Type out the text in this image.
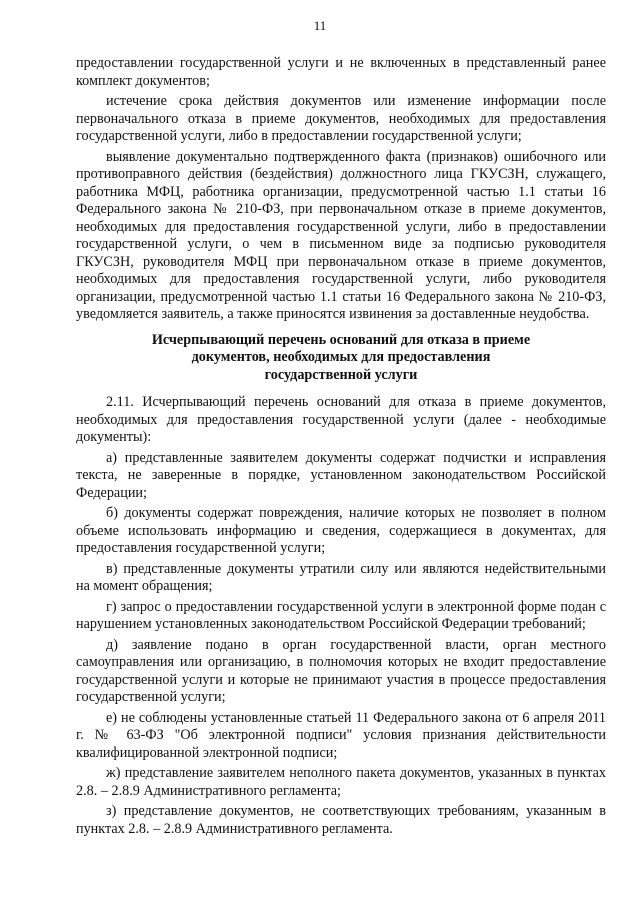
11

предоставлении государственной услуги и не включенных в представленный ранее комплект документов;

истечение срока действия документов или изменение информации после первоначального отказа в приеме документов, необходимых для предоставления государственной услуги, либо в предоставлении государственной услуги;

выявление документально подтвержденного факта (признаков) ошибочного или противоправного действия (бездействия) должностного лица ГКУСЗН, служащего, работника МФЦ, работника организации, предусмотренной частью 1.1 статьи 16 Федерального закона № 210-ФЗ, при первоначальном отказе в приеме документов, необходимых для предоставления государственной услуги, либо в предоставлении государственной услуги, о чем в письменном виде за подписью руководителя ГКУСЗН, руководителя МФЦ при первоначальном отказе в приеме документов, необходимых для предоставления государственной услуги, либо руководителя организации, предусмотренной частью 1.1 статьи 16 Федерального закона № 210-ФЗ, уведомляется заявитель, а также приносятся извинения за доставленные неудобства.

Исчерпывающий перечень оснований для отказа в приеме
документов, необходимых для предоставления
государственной услуги

2.11. Исчерпывающий перечень оснований для отказа в приеме документов, необходимых для предоставления государственной услуги (далее - необходимые документы):

а) представленные заявителем документы содержат подчистки и исправления текста, не заверенные в порядке, установленном законодательством Российской Федерации;

б) документы содержат повреждения, наличие которых не позволяет в полном объеме использовать информацию и сведения, содержащиеся в документах, для предоставления государственной услуги;

в) представленные документы утратили силу или являются недействительными на момент обращения;

г) запрос о предоставлении государственной услуги в электронной форме подан с нарушением установленных законодательством Российской Федерации требований;

д) заявление подано в орган государственной власти, орган местного самоуправления или организацию, в полномочия которых не входит предоставление государственной услуги и которые не принимают участия в процессе предоставления государственной услуги;

е) не соблюдены установленные статьей 11 Федерального закона от 6 апреля 2011 г. № 63-ФЗ "Об электронной подписи" условия признания действительности квалифицированной электронной подписи;

ж) представление заявителем неполного пакета документов, указанных в пунктах 2.8. – 2.8.9 Административного регламента;

з) представление документов, не соответствующих требованиям, указанным в пунктах 2.8. – 2.8.9 Административного регламента.
